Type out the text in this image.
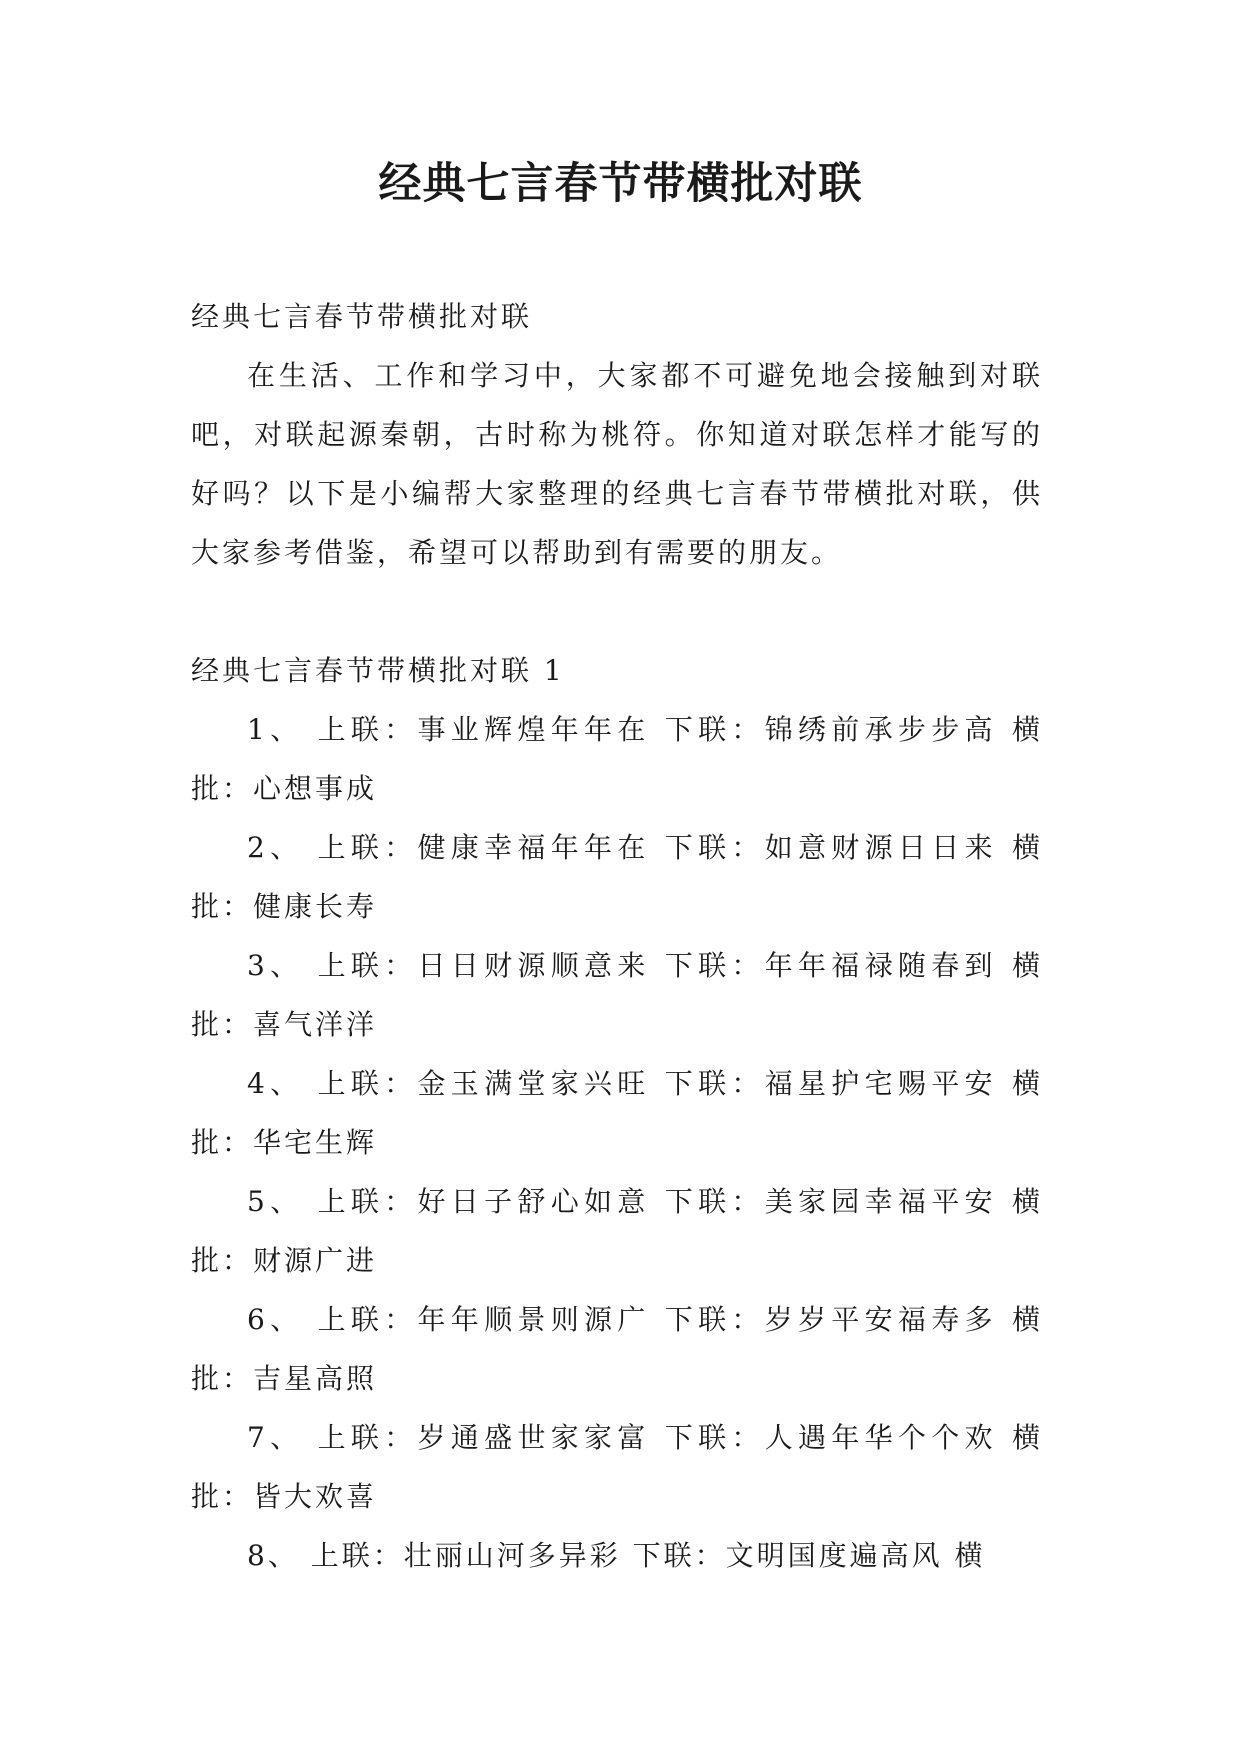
经典七言春节带横批对联

经典七言春节带横批对联

在生活、工作和学习中，大家都不可避免地会接触到对联吧，对联起源秦朝，古时称为桃符。你知道对联怎样才能写的好吗？以下是小编帮大家整理的经典七言春节带横批对联，供大家参考借鉴，希望可以帮助到有需要的朋友。

经典七言春节带横批对联 1

1、 上联：事业辉煌年年在 下联：锦绣前承步步高 横批：心想事成

2、 上联：健康幸福年年在 下联：如意财源日日来 横批：健康长寿

3、 上联：日日财源顺意来 下联：年年福禄随春到 横批：喜气洋洋

4、 上联：金玉满堂家兴旺 下联：福星护宅赐平安 横批：华宅生辉

5、 上联：好日子舒心如意 下联：美家园幸福平安 横批：财源广进

6、 上联：年年顺景则源广 下联：岁岁平安福寿多 横批：吉星高照

7、 上联：岁通盛世家家富 下联：人遇年华个个欢 横批：皆大欢喜

8、 上联：壮丽山河多异彩 下联：文明国度遍高风 横
